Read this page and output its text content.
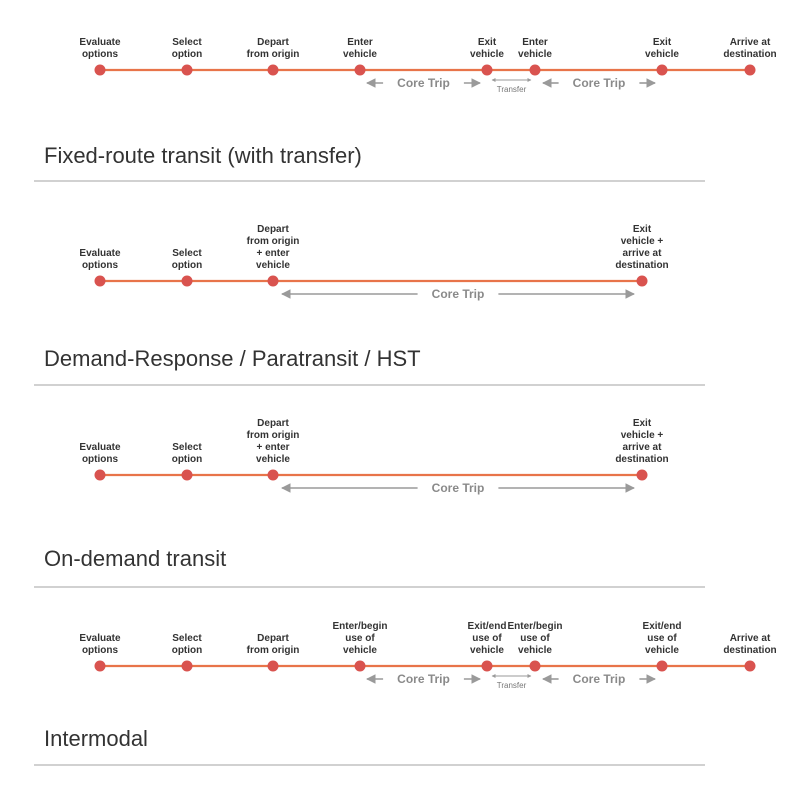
Evaluate options
Select option
Depart from origin
Enter vehicle
Exit vehicle
Enter vehicle
Exit vehicle
Arrive at destination
Core Trip	Core Trip
Transfer
Fixed-route transit (with transfer)
Evaluate options
Select option
Depart from origin + enter vehicle
Exit vehicle + arrive at destination
Core Trip
Demand-Response / Paratransit / HST
Evaluate options
Select option
Depart from origin + enter vehicle
Exit vehicle + arrive at destination
Core Trip
On-demand transit
Evaluate options
Select option
Depart from origin
Enter/begin use of vehicle
Exit/end use of vehicle
Enter/begin use of vehicle
Exit/end use of vehicle
Arrive at destination
Core Trip	Core Trip
Transfer
Intermodal
